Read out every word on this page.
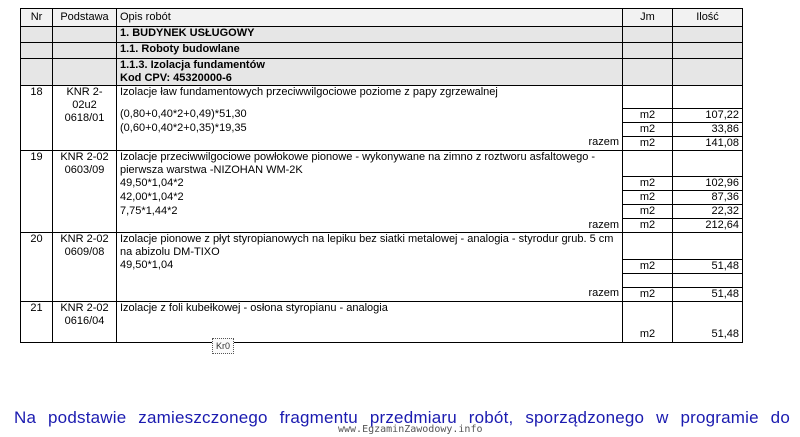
Nr	Podstawa	Opis robót	Jm	Ilość
		1. BUDYNEK USŁUGOWY		
		1.1. Roboty budowlane		

		1.1.3. Izolacja fundamentów
Kod CPV: 45320000-6		

18	KNR 2-02u2 0618/01	Izolacje ław fundamentowych przeciwwilgociowe poziome z papy zgrzewalnej		
		(0,80+0,40*2+0,49)*51,30	m2	107,22
		(0,60+0,40*2+0,35)*19,35	m2	33,86
		razem	m2	141,08
19	KNR 2-02 0603/09	Izolacje przeciwwilgociowe powłokowe pionowe - wykonywane na zimno z roztworu asfaltowego - pierwsza warstwa -NIZOHAN WM-2K		
		49,50*1,04*2	m2	102,96
		42,00*1,04*2	m2	87,36
		7,75*1,44*2	m2	22,32
		razem	m2	212,64
20	KNR 2-02 0609/08	Izolacje pionowe z płyt styropianowych na lepiku bez siatki metalowej - analogia - styrodur grub. 5 cm na abizolu DM-TIXO		
		49,50*1,04	m2	51,48

		razem	m2	51,48
21	KNR 2-02 0616/04	Izolacje z foli kubełkowej - osłona styropianu - analogia		
			m2	51,48
Kr0
Na podstawie zamieszczonego fragmentu przedmiaru robót, sporządzonego w programie do
www.EgzaminZawodowy.info
